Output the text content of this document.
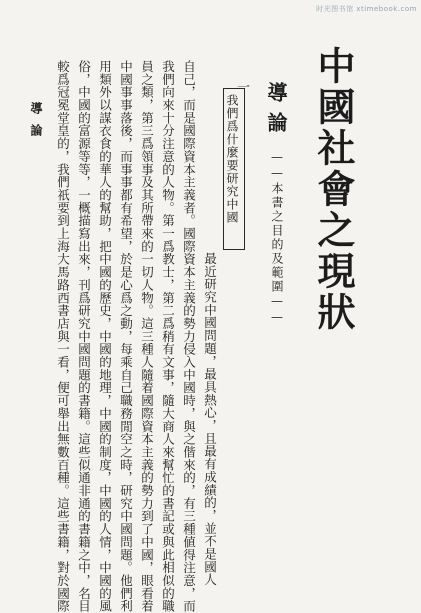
时光图书馆 xtimebook.com
中國社會之現狀
導論
——本書之目的及範圍——
一
我們爲什麼要研究中國
最近研究中國問題，最具熱心，且最有成績的，並不是國人
自己，而是國際資本主義者。國際資本主義的勢力侵入中國時，與之偕來的，有三種値得注意，而
我們向來十分注意的人物。第一爲教士，第二爲稍有文事，隨大商人來幫忙的書記或與此相似的職
員之類，第三爲領事及其所帶來的一切人物。這三種人隨着國際資本主義的勢力到了中國，眼看着
中國事事落後，而事事都有希望，於是心爲之動，每乘自己職務閒空之時，研究中國問題。他們利
用類外以謀衣食的華人的幫助，把中國的歷史，中國的地理，中國的制度，中國的人情，中國的風
俗，中國的富源等等，一概描寫出來，刊爲研究中國問題的書籍。這些似通非通的書籍之中，名目
較爲冠冕堂皇的，我們祇要到上海大馬路西書店與一看，便可舉出無數百種。這些書籍，對於國際
導論
